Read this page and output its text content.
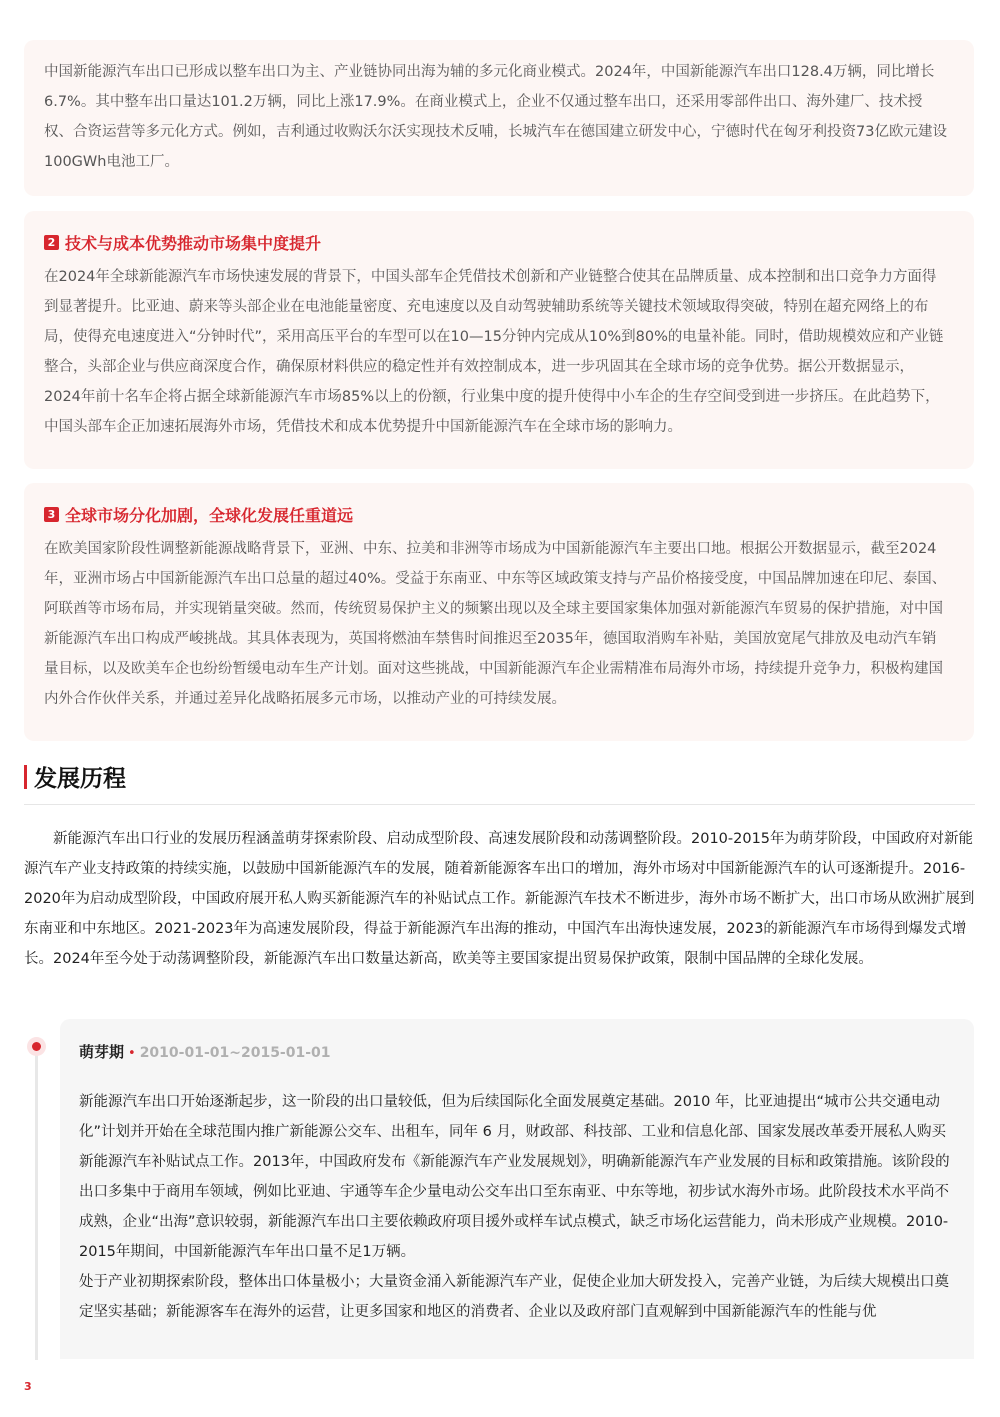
中国新能源汽车出口已形成以整车出口为主、产业链协同出海为辅的多元化商业模式。2024年，中国新能源汽车出口128.4万辆，同比增长6.7%。其中整车出口量达101.2万辆，同比上涨17.9%。在商业模式上，企业不仅通过整车出口，还采用零部件出口、海外建厂、技术授权、合资运营等多元化方式。例如，吉利通过收购沃尔沃实现技术反哺，长城汽车在德国建立研发中心，宁德时代在匈牙利投资73亿欧元建设100GWh电池工厂。

2 技术与成本优势推动市场集中度提升

在2024年全球新能源汽车市场快速发展的背景下，中国头部车企凭借技术创新和产业链整合使其在品牌质量、成本控制和出口竞争力方面得到显著提升。比亚迪、蔚来等头部企业在电池能量密度、充电速度以及自动驾驶辅助系统等关键技术领域取得突破，特别在超充网络上的布局，使得充电速度进入“分钟时代”，采用高压平台的车型可以在10—15分钟内完成从10%到80%的电量补能。同时，借助规模效应和产业链整合，头部企业与供应商深度合作，确保原材料供应的稳定性并有效控制成本，进一步巩固其在全球市场的竞争优势。据公开数据显示，2024年前十名车企将占据全球新能源汽车市场85%以上的份额，行业集中度的提升使得中小车企的生存空间受到进一步挤压。在此趋势下，中国头部车企正加速拓展海外市场，凭借技术和成本优势提升中国新能源汽车在全球市场的影响力。

3 全球市场分化加剧，全球化发展任重道远

在欧美国家阶段性调整新能源战略背景下，亚洲、中东、拉美和非洲等市场成为中国新能源汽车主要出口地。根据公开数据显示，截至2024年，亚洲市场占中国新能源汽车出口总量的超过40%。受益于东南亚、中东等区域政策支持与产品价格接受度，中国品牌加速在印尼、泰国、阿联酋等市场布局，并实现销量突破。然而，传统贸易保护主义的频繁出现以及全球主要国家集体加强对新能源汽车贸易的保护措施，对中国新能源汽车出口构成严峻挑战。其具体表现为，英国将燃油车禁售时间推迟至2035年，德国取消购车补贴，美国放宽尾气排放及电动汽车销量目标，以及欧美车企也纷纷暂缓电动车生产计划。面对这些挑战，中国新能源汽车企业需精准布局海外市场，持续提升竞争力，积极构建国内外合作伙伴关系，并通过差异化战略拓展多元市场，以推动产业的可持续发展。

发展历程

新能源汽车出口行业的发展历程涵盖萌芽探索阶段、启动成型阶段、高速发展阶段和动荡调整阶段。2010-2015年为萌芽阶段，中国政府对新能源汽车产业支持政策的持续实施，以鼓励中国新能源汽车的发展，随着新能源客车出口的增加，海外市场对中国新能源汽车的认可逐渐提升。2016-2020年为启动成型阶段，中国政府展开私人购买新能源汽车的补贴试点工作。新能源汽车技术不断进步，海外市场不断扩大，出口市场从欧洲扩展到东南亚和中东地区。2021-2023年为高速发展阶段，得益于新能源汽车出海的推动，中国汽车出海快速发展，2023的新能源汽车市场得到爆发式增长。2024年至今处于动荡调整阶段，新能源汽车出口数量达新高，欧美等主要国家提出贸易保护政策，限制中国品牌的全球化发展。

萌芽期 • 2010-01-01~2015-01-01

新能源汽车出口开始逐渐起步，这一阶段的出口量较低，但为后续国际化全面发展奠定基础。2010 年，比亚迪提出“城市公共交通电动化”计划并开始在全球范围内推广新能源公交车、出租车，同年 6 月，财政部、科技部、工业和信息化部、国家发展改革委开展私人购买新能源汽车补贴试点工作。2013年，中国政府发布《新能源汽车产业发展规划》，明确新能源汽车产业发展的目标和政策措施。该阶段的出口多集中于商用车领域，例如比亚迪、宇通等车企少量电动公交车出口至东南亚、中东等地，初步试水海外市场。此阶段技术水平尚不成熟，企业“出海”意识较弱，新能源汽车出口主要依赖政府项目援外或样车试点模式，缺乏市场化运营能力，尚未形成产业规模。2010-2015年期间，中国新能源汽车年出口量不足1万辆。

处于产业初期探索阶段，整体出口体量极小；大量资金涌入新能源汽车产业，促使企业加大研发投入，完善产业链，为后续大规模出口奠定坚实基础；新能源客车在海外的运营，让更多国家和地区的消费者、企业以及政府部门直观解到中国新能源汽车的性能与优

3
